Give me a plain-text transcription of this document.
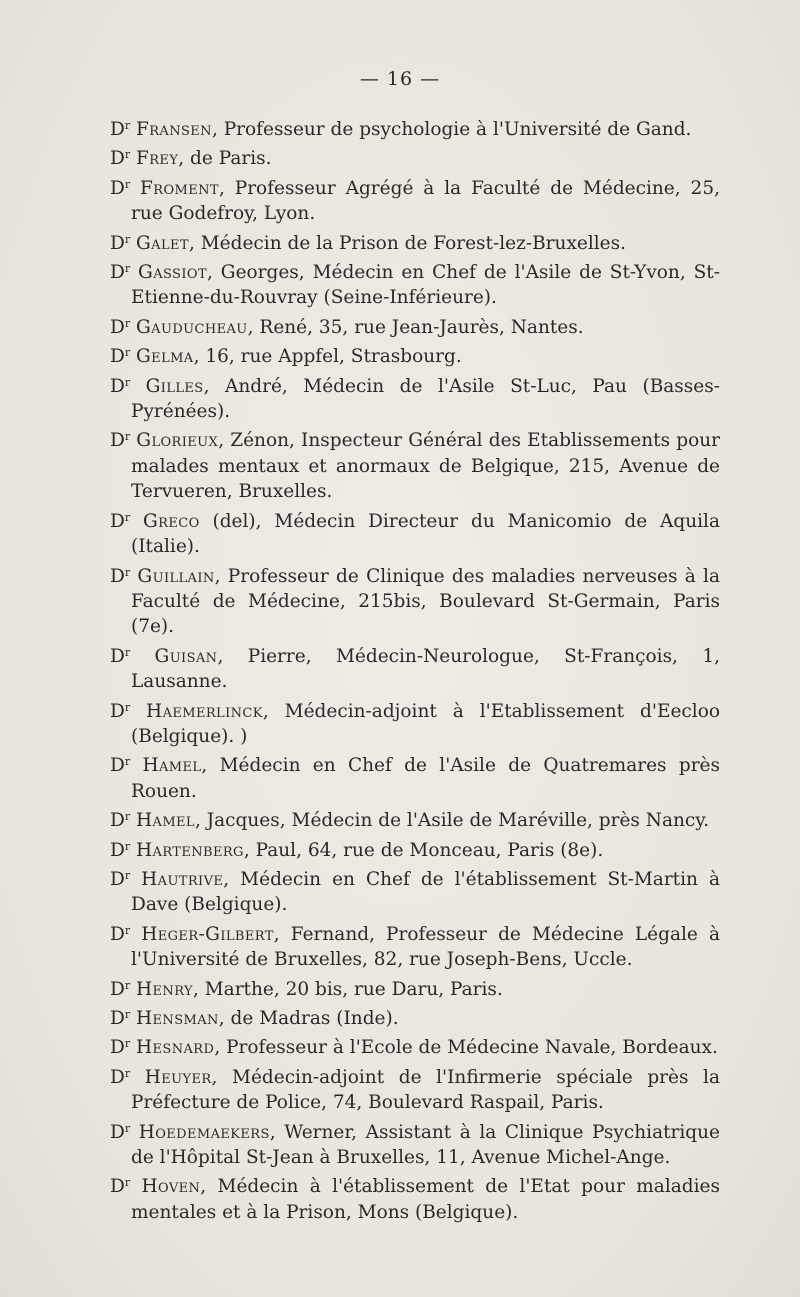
— 16 —
$D^r$ Fransen, Professeur de psychologie à l'Université de Gand.
$D^r$ Frey, de Paris.
$D^r$ Froment, Professeur Agrégé à la Faculté de Médecine, 25, rue Godefroy, Lyon.
$D^r$ Galet, Médecin de la Prison de Forest-lez-Bruxelles.
$D^r$ Gassiot, Georges, Médecin en Chef de l'Asile de St-Yvon, St-Etienne-du-Rouvray (Seine-Inférieure).
$D^r$ Gauducheau, René, 35, rue Jean-Jaurès, Nantes.
$D^r$ Gelma, 16, rue Appfel, Strasbourg.
$D^r$ Gilles, André, Médecin de l'Asile St-Luc, Pau (Basses-Pyrénées).
$D^r$ Glorieux, Zénon, Inspecteur Général des Etablissements pour malades mentaux et anormaux de Belgique, 215, Avenue de Tervueren, Bruxelles.
$D^r$ Greco (del), Médecin Directeur du Manicomio de Aquila (Italie).
$D^r$ Guillain, Professeur de Clinique des maladies nerveuses à la Faculté de Médecine, 215bis, Boulevard St-Germain, Paris (7e).
$D^r$ Guisan, Pierre, Médecin-Neurologue, St-François, 1, Lausanne.
$D^r$ Haemerlinck, Médecin-adjoint à l'Etablissement d'Eecloo (Belgique). )
$D^r$ Hamel, Médecin en Chef de l'Asile de Quatremares près Rouen.
$D^r$ Hamel, Jacques, Médecin de l'Asile de Maréville, près Nancy.
$D^r$ Hartenberg, Paul, 64, rue de Monceau, Paris (8e).
$D^r$ Hautrive, Médecin en Chef de l'établissement St-Martin à Dave (Belgique).
$D^r$ Heger-Gilbert, Fernand, Professeur de Médecine Légale à l'Université de Bruxelles, 82, rue Joseph-Bens, Uccle.
$D^r$ Henry, Marthe, 20 bis, rue Daru, Paris.
$D^r$ Hensman, de Madras (Inde).
$D^r$ Hesnard, Professeur à l'Ecole de Médecine Navale, Bordeaux.
$D^r$ Heuyer, Médecin-adjoint de l'Infirmerie spéciale près la Préfecture de Police, 74, Boulevard Raspail, Paris.
$D^r$ Hoedemaekers, Werner, Assistant à la Clinique Psychiatrique de l'Hôpital St-Jean à Bruxelles, 11, Avenue Michel-Ange.
$D^r$ Hoven, Médecin à l'établissement de l'Etat pour maladies mentales et à la Prison, Mons (Belgique).
